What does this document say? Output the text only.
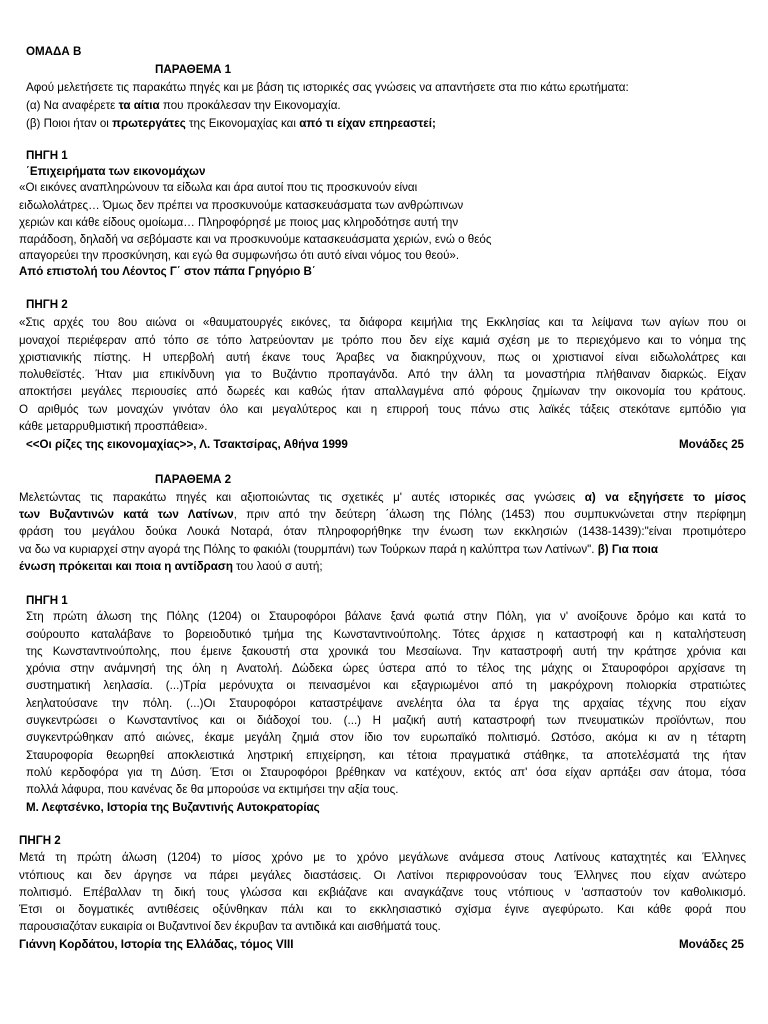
ΟΜΑΔΑ Β
ΠΑΡΑΘΕΜΑ 1
Αφού μελετήσετε τις παρακάτω πηγές και με βάση τις ιστορικές σας γνώσεις να απαντήσετε στα πιο κάτω ερωτήματα:
(α) Να αναφέρετε τα αίτια που προκάλεσαν την Εικονομαχία.
(β) Ποιοι ήταν οι πρωτεργάτες της Εικονομαχίας και από τι είχαν επηρεαστεί;
ΠΗΓΗ 1
΄Επιχειρήματα των εικονομάχων
«Οι εικόνες αναπληρώνουν τα είδωλα και άρα αυτοί που τις προσκυνούν είναι
ειδωλολάτρες… Όμως δεν πρέπει να προσκυνούμε κατασκευάσματα των ανθρώπινων
χεριών και κάθε είδους ομοίωμα… Πληροφόρησέ με ποιος μας κληροδότησε αυτή την
παράδοση, δηλαδή να σεβόμαστε και να προσκυνούμε κατασκευάσματα χεριών, ενώ ο θεός
απαγορεύει την προσκύνηση, και εγώ θα συμφωνήσω ότι αυτό είναι νόμος του θεού».
Από επιστολή του Λέοντος Γ΄ στον πάπα Γρηγόριο Β΄
ΠΗΓΗ 2
«Στις αρχές του 8ου αιώνα οι «θαυματουργές εικόνες, τα διάφορα κειμήλια της Εκκλησίας και τα λείψανα των αγίων που οι
μοναχοί περιέφεραν από τόπο σε τόπο λατρεύονταν με τρόπο που δεν είχε καμιά σχέση με το περιεχόμενο και το νόημα της
χριστιανικής πίστης. Η υπερβολή αυτή έκανε τους Άραβες να διακηρύχνουν, πως οι χριστιανοί είναι ειδωλολάτρες και
πολυθεϊστές. Ήταν μια επικίνδυνη για το Βυζάντιο προπαγάνδα. Από την άλλη τα μοναστήρια πλήθαιναν διαρκώς. Είχαν
αποκτήσει μεγάλες περιουσίες από δωρεές και καθώς ήταν απαλλαγμένα από φόρους ζημίωναν την οικονομία του κράτους.
Ο αριθμός των μοναχών γινόταν όλο και μεγαλύτερος και η επιρροή τους πάνω στις λαϊκές τάξεις στεκότανε εμπόδιο για
κάθε μεταρρυθμιστική προσπάθεια».
<<Οι ρίζες της εικονομαχίας>>, Λ. Τσακτσίρας, Αθήνα 1999	Μονάδες 25
ΠΑΡΑΘΕΜΑ 2
Μελετώντας τις παρακάτω πηγές και αξιοποιώντας τις σχετικές μ' αυτές ιστορικές σας γνώσεις α) να εξηγήσετε το μίσος
των Βυζαντινών κατά των Λατίνων, πριν από την δεύτερη ΄άλωση της Πόλης (1453) που συμπυκνώνεται στην περίφημη
φράση του μεγάλου δούκα Λουκά Νοταρά, όταν πληροφορήθηκε την ένωση των εκκλησιών (1438-1439):"είναι προτιμότερο
να δω να κυριαρχεί στην αγορά της Πόλης το φακιόλι (τουρμπάνι) των Τούρκων παρά η καλύπτρα των Λατίνων". β) Για ποια
ένωση πρόκειται και ποια η αντίδραση του λαού σ αυτή;
ΠΗΓΗ 1
Στη πρώτη άλωση της Πόλης (1204) οι Σταυροφόροι βάλανε ξανά φωτιά στην Πόλη, για ν' ανοίξουνε δρόμο και κατά το
σούρουπο καταλάβανε το βορειοδυτικό τμήμα της Κωνσταντινούπολης. Τότες άρχισε η καταστροφή και η καταλήστευση
της Κωνσταντινούπολης, που έμεινε ξακουστή στα χρονικά του Μεσαίωνα. Την καταστροφή αυτή την κράτησε χρόνια και
χρόνια στην ανάμνησή της όλη η Ανατολή. Δώδεκα ώρες ύστερα από το τέλος της μάχης οι Σταυροφόροι αρχίσανε τη
συστηματική λεηλασία. (...)Τρία μερόνυχτα οι πεινασμένοι και εξαγριωμένοι από τη μακρόχρονη πολιορκία στρατιώτες
λεηλατούσανε την πόλη. (...)Οι Σταυροφόροι καταστρέψανε ανελέητα όλα τα έργα της αρχαίας τέχνης που είχαν
συγκεντρώσει ο Κωνσταντίνος και οι διάδοχοί του. (...) Η μαζική αυτή καταστροφή των πνευματικών προϊόντων, που
συγκεντρώθηκαν από αιώνες, έκαμε μεγάλη ζημιά στον ίδιο τον ευρωπαϊκό πολιτισμό. Ωστόσο, ακόμα κι αν η τέταρτη
Σταυροφορία θεωρηθεί αποκλειστικά ληστρική επιχείρηση, και τέτοια πραγματικά στάθηκε, τα αποτελέσματά της ήταν
πολύ κερδοφόρα για τη Δύση. Έτσι οι Σταυροφόροι βρέθηκαν να κατέχουν, εκτός απ' όσα είχαν αρπάξει σαν άτομα, τόσα
πολλά λάφυρα, που κανένας δε θα μπορούσε να εκτιμήσει την αξία τους.
Μ. Λεφτσένκο, Ιστορία της Βυζαντινής Αυτοκρατορίας
ΠΗΓΗ 2
Μετά τη πρώτη άλωση (1204) το μίσος χρόνο με το χρόνο μεγάλωνε ανάμεσα στους Λατίνους καταχτητές και Έλληνες
ντόπιους και δεν άργησε να πάρει μεγάλες διαστάσεις. Οι Λατίνοι περιφρονούσαν τους Έλληνες που είχαν ανώτερο
πολιτισμό. Επέβαλλαν τη δική τους γλώσσα και εκβιάζανε και αναγκάζανε τους ντόπιους ν 'ασπαστούν τον καθολικισμό.
Έτσι οι δογματικές αντιθέσεις οξύνθηκαν πάλι και το εκκλησιαστικό σχίσμα έγινε αγεφύρωτο. Και κάθε φορά που
παρουσιαζόταν ευκαιρία οι Βυζαντινοί δεν έκρυβαν τα αντιδικά και αισθήματά τους.
Γιάννη Κορδάτου, Ιστορία της Ελλάδας, τόμος VIII	Μονάδες 25
